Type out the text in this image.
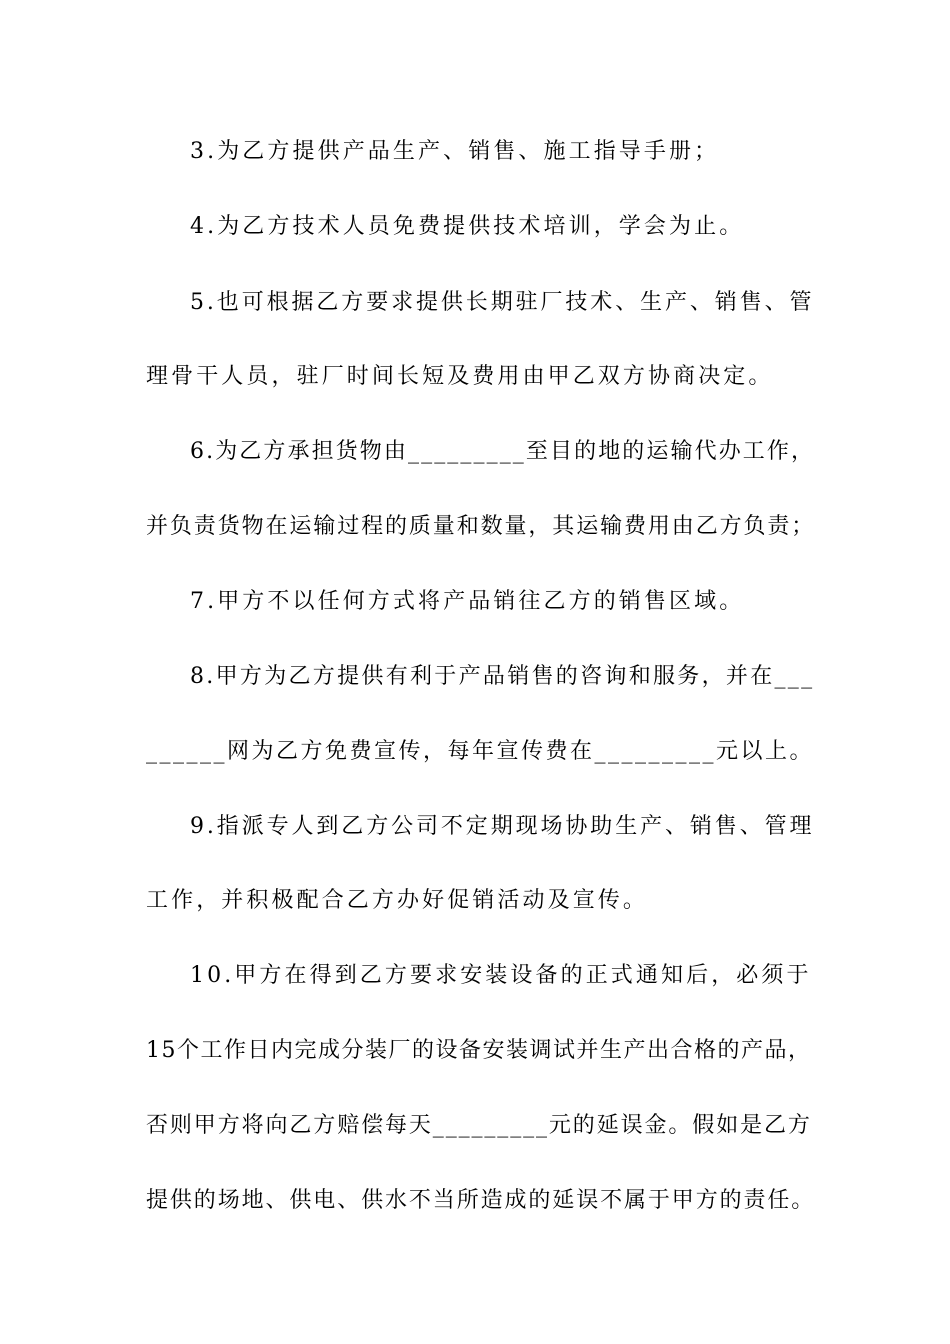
3.为乙方提供产品生产、销售、施工指导手册；
4.为乙方技术人员免费提供技术培训，学会为止。
5.也可根据乙方要求提供长期驻厂技术、生产、销售、管
理骨干人员，驻厂时间长短及费用由甲乙双方协商决定。
6.为乙方承担货物由_________至目的地的运输代办工作，
并负责货物在运输过程的质量和数量，其运输费用由乙方负责；
7.甲方不以任何方式将产品销往乙方的销售区域。
8.甲方为乙方提供有利于产品销售的咨询和服务，并在___
______网为乙方免费宣传，每年宣传费在_________元以上。
9.指派专人到乙方公司不定期现场协助生产、销售、管理
工作，并积极配合乙方办好促销活动及宣传。
10.甲方在得到乙方要求安装设备的正式通知后，必须于
15个工作日内完成分装厂的设备安装调试并生产出合格的产品，
否则甲方将向乙方赔偿每天_________元的延误金。假如是乙方
提供的场地、供电、供水不当所造成的延误不属于甲方的责任。
